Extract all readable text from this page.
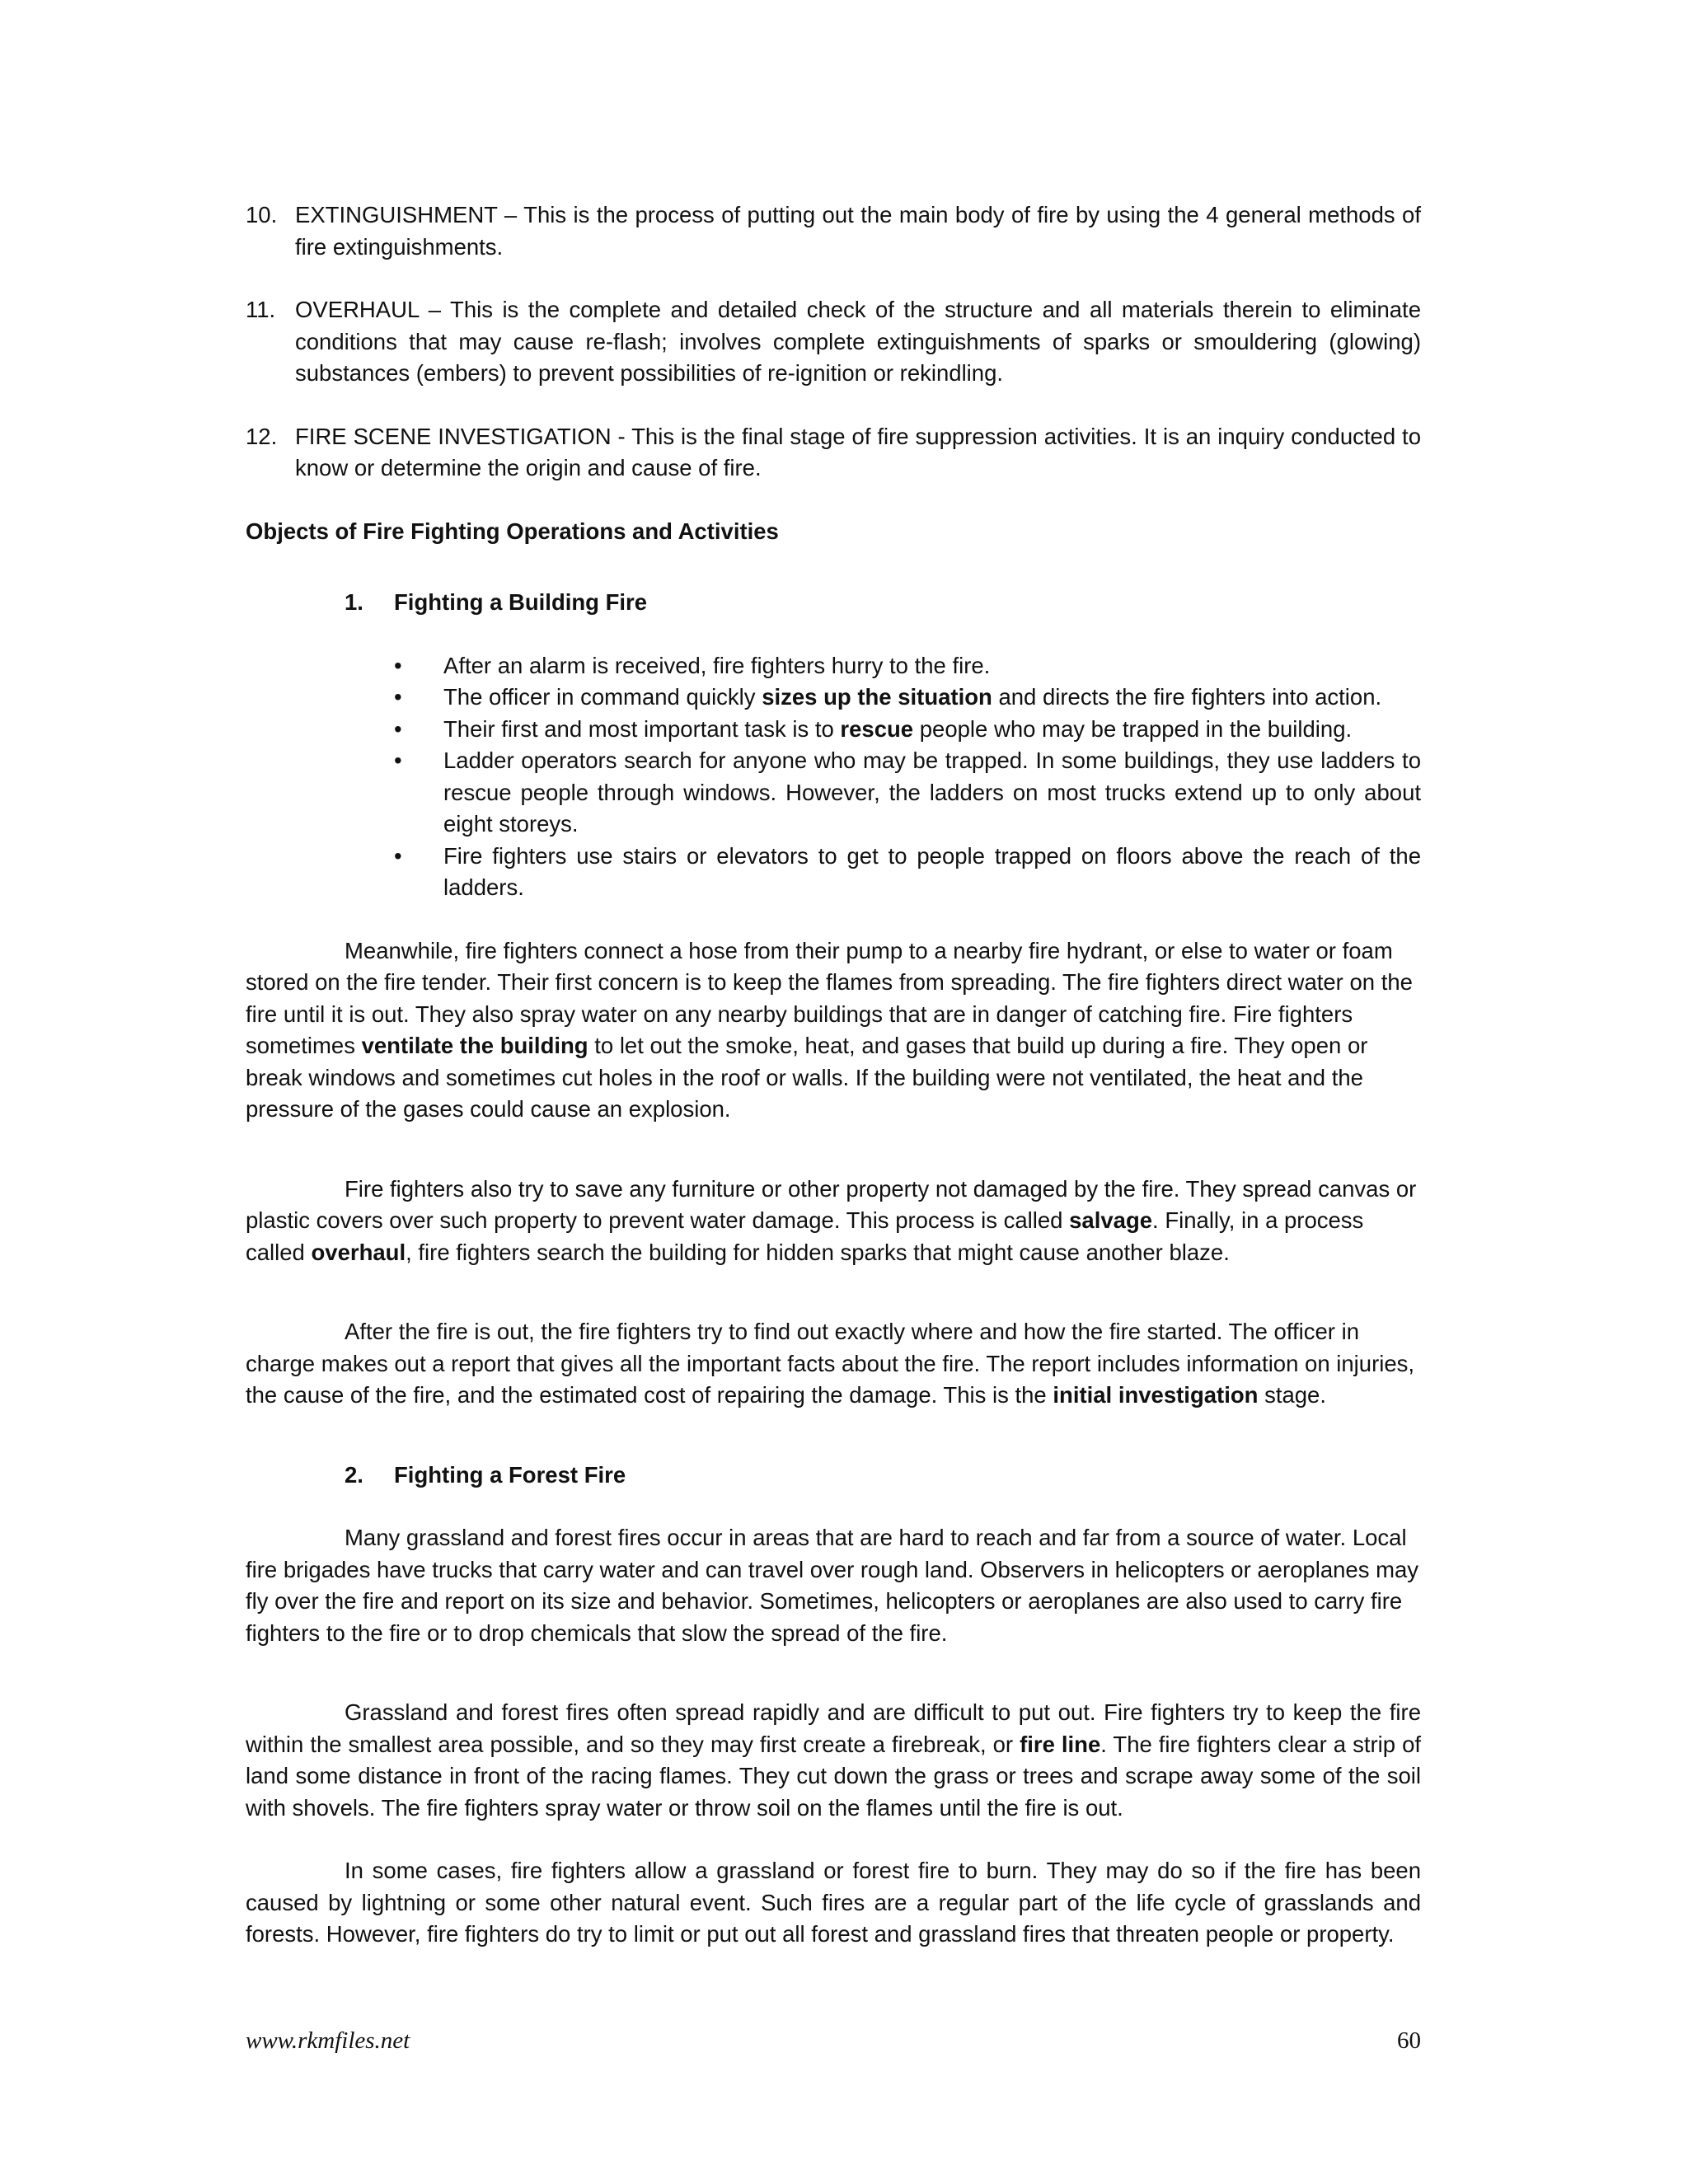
10. EXTINGUISHMENT – This is the process of putting out the main body of fire by using the 4 general methods of fire extinguishments.
11. OVERHAUL – This is the complete and detailed check of the structure and all materials therein to eliminate conditions that may cause re-flash; involves complete extinguishments of sparks or smouldering (glowing) substances (embers) to prevent possibilities of re-ignition or rekindling.
12. FIRE SCENE INVESTIGATION - This is the final stage of fire suppression activities. It is an inquiry conducted to know or determine the origin and cause of fire.

Objects of Fire Fighting Operations and Activities

1.	Fighting a Building Fire
•	After an alarm is received, fire fighters hurry to the fire.
•	The officer in command quickly sizes up the situation and directs the fire fighters into action.
•	Their first and most important task is to rescue people who may be trapped in the building.
•	Ladder operators search for anyone who may be trapped. In some buildings, they use ladders to rescue people through windows. However, the ladders on most trucks extend up to only about eight storeys.
•	Fire fighters use stairs or elevators to get to people trapped on floors above the reach of the ladders.

Meanwhile, fire fighters connect a hose from their pump to a nearby fire hydrant, or else to water or foam stored on the fire tender. Their first concern is to keep the flames from spreading. The fire fighters direct water on the fire until it is out. They also spray water on any nearby buildings that are in danger of catching fire. Fire fighters sometimes ventilate the building to let out the smoke, heat, and gases that build up during a fire. They open or break windows and sometimes cut holes in the roof or walls. If the building were not ventilated, the heat and the pressure of the gases could cause an explosion.

Fire fighters also try to save any furniture or other property not damaged by the fire. They spread canvas or plastic covers over such property to prevent water damage. This process is called salvage. Finally, in a process called overhaul, fire fighters search the building for hidden sparks that might cause another blaze.

After the fire is out, the fire fighters try to find out exactly where and how the fire started. The officer in charge makes out a report that gives all the important facts about the fire. The report includes information on injuries, the cause of the fire, and the estimated cost of repairing the damage. This is the initial investigation stage.

2.	Fighting a Forest Fire

Many grassland and forest fires occur in areas that are hard to reach and far from a source of water. Local fire brigades have trucks that carry water and can travel over rough land. Observers in helicopters or aeroplanes may fly over the fire and report on its size and behavior. Sometimes, helicopters or aeroplanes are also used to carry fire fighters to the fire or to drop chemicals that slow the spread of the fire.

Grassland and forest fires often spread rapidly and are difficult to put out. Fire fighters try to keep the fire within the smallest area possible, and so they may first create a firebreak, or fire line. The fire fighters clear a strip of land some distance in front of the racing flames. They cut down the grass or trees and scrape away some of the soil with shovels. The fire fighters spray water or throw soil on the flames until the fire is out.

In some cases, fire fighters allow a grassland or forest fire to burn. They may do so if the fire has been caused by lightning or some other natural event. Such fires are a regular part of the life cycle of grasslands and forests. However, fire fighters do try to limit or put out all forest and grassland fires that threaten people or property.

www.rkmfiles.net	60
